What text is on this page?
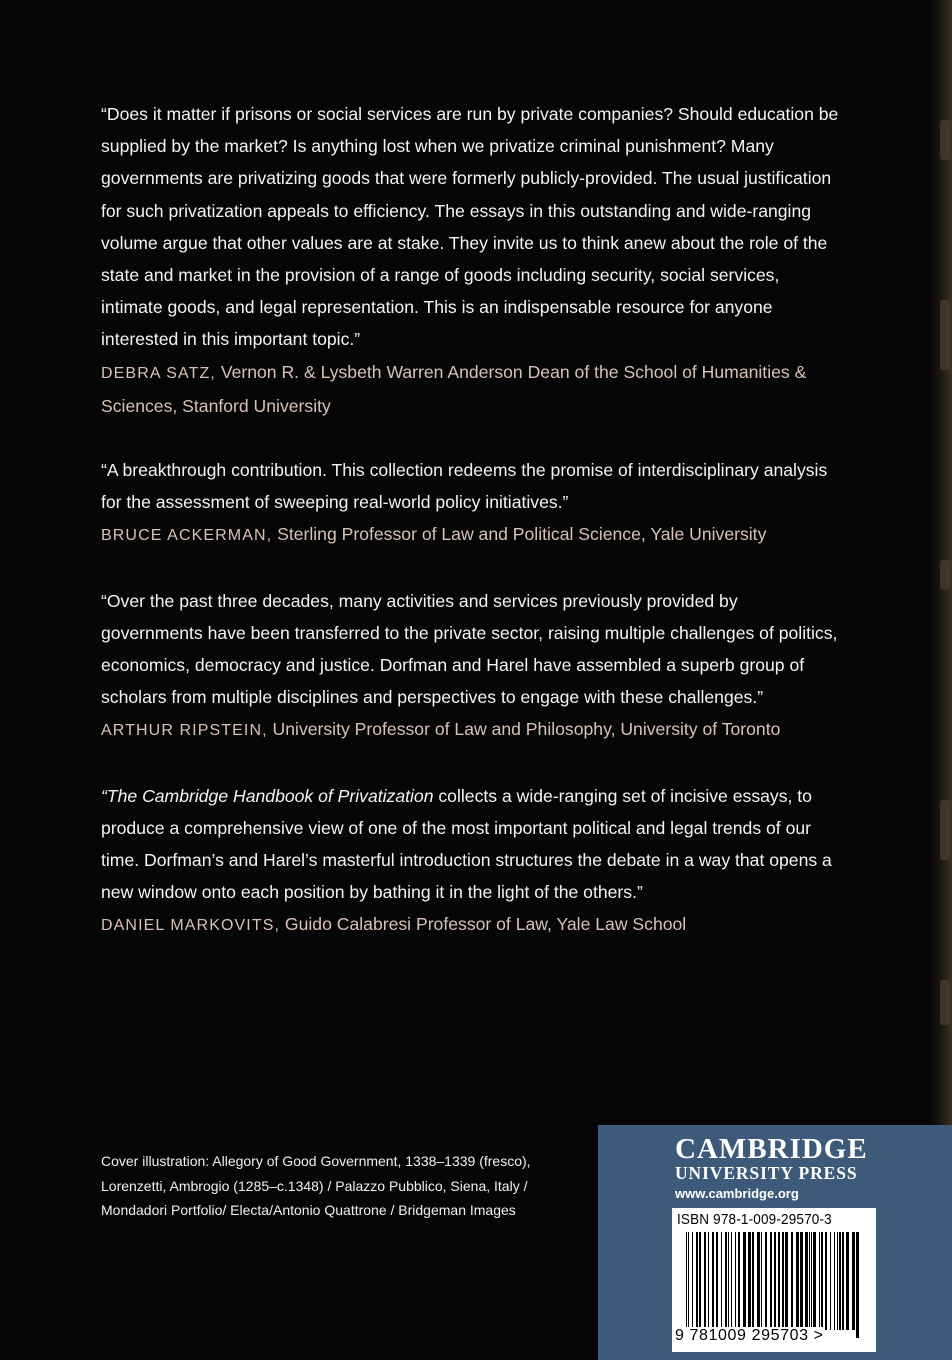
“Does it matter if prisons or social services are run by private companies? Should education be supplied by the market? Is anything lost when we privatize criminal punishment? Many governments are privatizing goods that were formerly publicly-provided. The usual justification for such privatization appeals to efficiency. The essays in this outstanding and wide-ranging volume argue that other values are at stake. They invite us to think anew about the role of the state and market in the provision of a range of goods including security, social services, intimate goods, and legal representation. This is an indispensable resource for anyone interested in this important topic.”

DEBRA SATZ, Vernon R. & Lysbeth Warren Anderson Dean of the School of Humanities & Sciences, Stanford University

“A breakthrough contribution. This collection redeems the promise of interdisciplinary analysis for the assessment of sweeping real-world policy initiatives.”

BRUCE ACKERMAN, Sterling Professor of Law and Political Science, Yale University

“Over the past three decades, many activities and services previously provided by governments have been transferred to the private sector, raising multiple challenges of politics, economics, democracy and justice. Dorfman and Harel have assembled a superb group of scholars from multiple disciplines and perspectives to engage with these challenges.”

ARTHUR RIPSTEIN, University Professor of Law and Philosophy, University of Toronto

“The Cambridge Handbook of Privatization collects a wide-ranging set of incisive essays, to produce a comprehensive view of one of the most important political and legal trends of our time. Dorfman’s and Harel’s masterful introduction structures the debate in a way that opens a new window onto each position by bathing it in the light of the others.”

DANIEL MARKOVITS, Guido Calabresi Professor of Law, Yale Law School

Cover illustration: Allegory of Good Government, 1338–1339 (fresco), Lorenzetti, Ambrogio (1285–c.1348) / Palazzo Pubblico, Siena, Italy / Mondadori Portfolio/ Electa/Antonio Quattrone / Bridgeman Images
CAMBRIDGE
UNIVERSITY PRESS
www.cambridge.org
ISBN 978-1-009-29570-3
9 781009 295703 >
